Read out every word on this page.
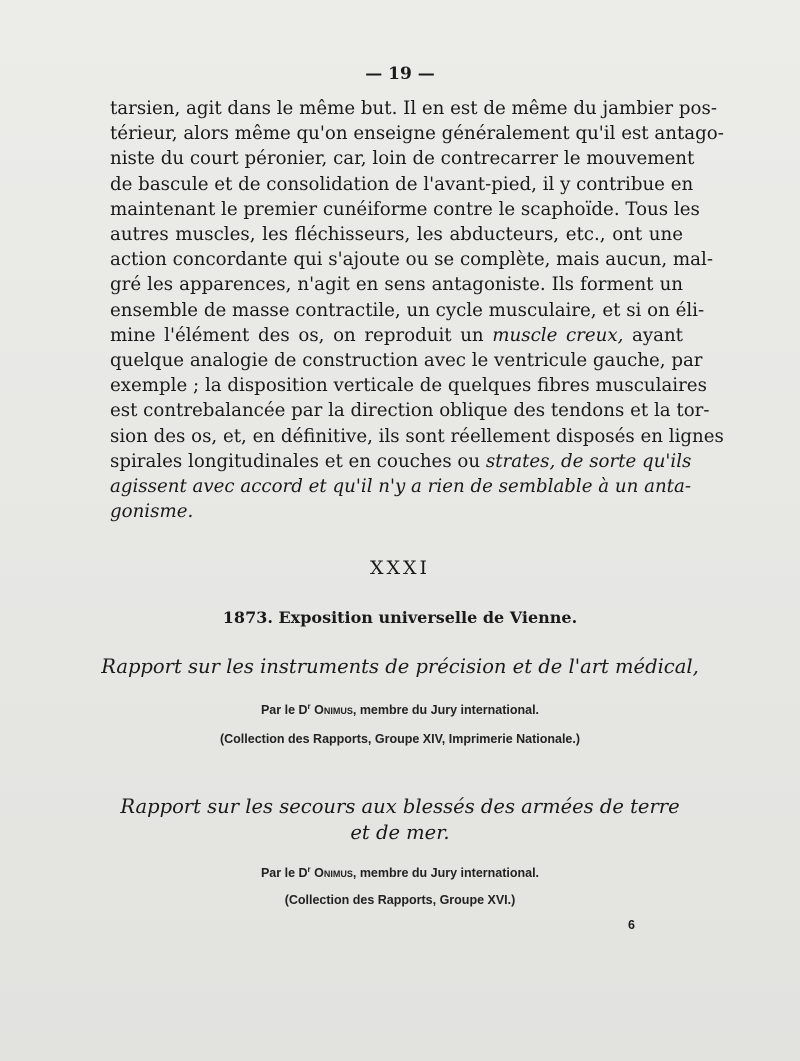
— 19 —
tarsien, agit dans le même but. Il en est de même du jambier pos-
térieur, alors même qu'on enseigne généralement qu'il est antago-
niste du court péronier, car, loin de contrecarrer le mouvement
de bascule et de consolidation de l'avant-pied, il y contribue en
maintenant le premier cunéiforme contre le scaphoïde. Tous les
autres muscles, les fléchisseurs, les abducteurs, etc., ont une
action concordante qui s'ajoute ou se complète, mais aucun, mal-
gré les apparences, n'agit en sens antagoniste. Ils forment un
ensemble de masse contractile, un cycle musculaire, et si on éli-
mine l'élément des os, on reproduit un muscle creux, ayant
quelque analogie de construction avec le ventricule gauche, par
exemple ; la disposition verticale de quelques fibres musculaires
est contrebalancée par la direction oblique des tendons et la tor-
sion des os, et, en définitive, ils sont réellement disposés en lignes
spirales longitudinales et en couches ou strates, de sorte qu'ils
agissent avec accord et qu'il n'y a rien de semblable à un anta-
gonisme.
XXXI
1873. Exposition universelle de Vienne.
Rapport sur les instruments de précision et de l'art médical,
Par le $D^r$ Onimus, membre du Jury international.
(Collection des Rapports, Groupe XIV, Imprimerie Nationale.)
Rapport sur les secours aux blessés des armées de terre
et de mer.
Par le $D^r$ Onimus, membre du Jury international.
(Collection des Rapports, Groupe XVI.)
6
